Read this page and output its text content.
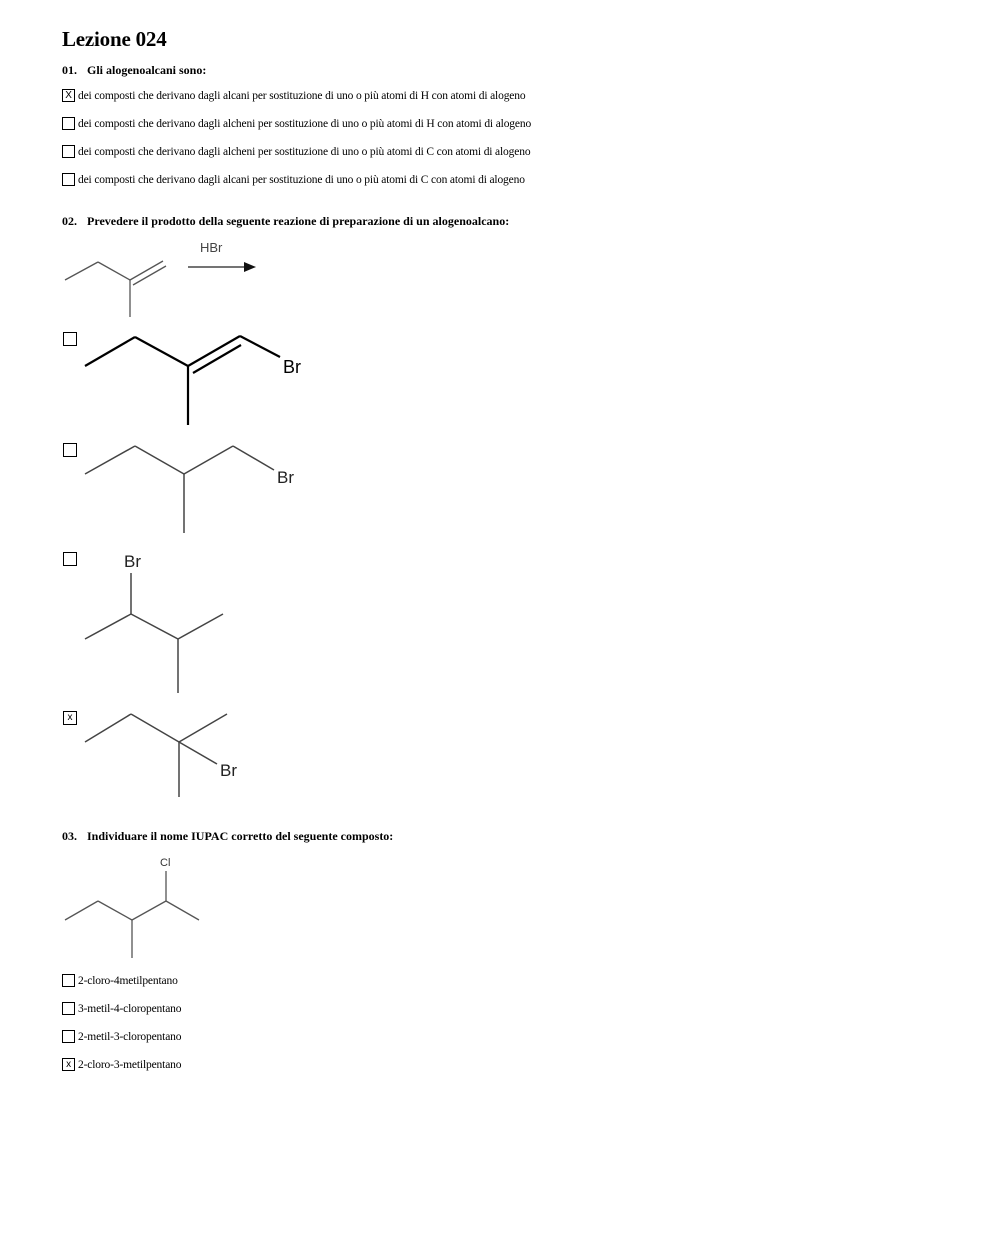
Lezione 024
01. Gli alogenoalcani sono:
X dei composti che derivano dagli alcani per sostituzione di uno o più atomi di H con atomi di alogeno
dei composti che derivano dagli alcheni per sostituzione di uno o più atomi di H con atomi di alogeno
dei composti che derivano dagli alcheni per sostituzione di uno o più atomi di C con atomi di alogeno
dei composti che derivano dagli alcani per sostituzione di uno o più atomi di C con atomi di alogeno
02. Prevedere il prodotto della seguente reazione di preparazione di un alogenoalcano:
HBr
Br
Br
Br
x
Br
03. Individuare il nome IUPAC corretto del seguente composto:
Cl
2-cloro-4metilpentano
3-metil-4-cloropentano
2-metil-3-cloropentano
x 2-cloro-3-metilpentano
